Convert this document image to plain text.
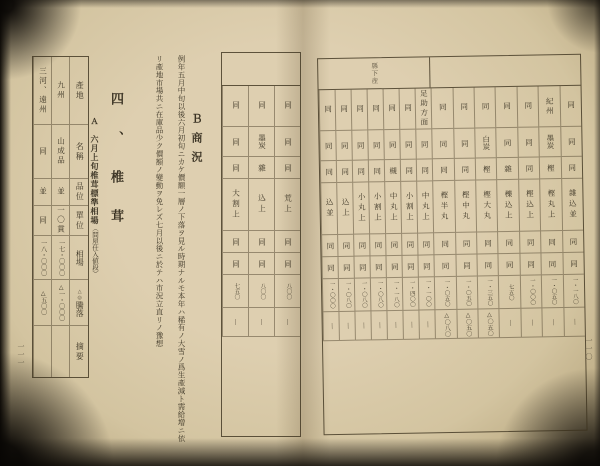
縣下産
同
同
同
雜込並
同
同
一・一八〇
―
紀州
墨炭
樫
樫丸上
同
同
一・〇五〇
―
同
同
同
樫込上
同
同
一・〇〇〇
―
同
同
雜
櫟込上
同
同
七五〇
―
同
白炭
樫
樫大丸
同
同
一・三五〇
△〇五〇
同
同
同
樫中丸
同
同
一・〇五〇
△〇五〇
同
同
同
樫半丸
同
同
一・〇五〇
△〇八〇
足助方面
同
同
中丸上
同
同
一・一〇〇
―
同
同
同
小割上
同
同
一・四〇〇
―
同
同
槻
中丸上
同
同
一・一八〇
―
同
同
同
小割上
同
同
一・〇八〇
―
同
同
同
小丸上
同
同
一・〇八〇
―
同
同
同
込上
同
同
一・〇八〇
―
同
同
同
込並
同
同
一・〇〇〇
―
一一〇
同
同
同
荒上
同
同
八〇〇
―
同
墨炭
雜
込上
同
同
八〇〇
―
同
同
同
大割上
同
同
七五〇
―
Ｂ商況
例年五月中旬以後六月初旬ニカケ價額一層ノ下落ヲ見ル時期ナルモ本年ハ稀有ノ大雪ノ爲生產減ト需給增ニ依
リ產地市場共ニ在庫品少ク價額ノ變動ヲ免レズ七月以後ニ於テハ市況立直リノ豫想
四、椎茸
Ａ　六月上旬椎茸標準相場（問屋仕入値段）
產地
名稱
品位
單位
相場
△◎
騰落
摘要
九州
山成品
並
一〇貫
一七・〇〇〇
△一・〇〇〇
三河、遠州
同
並
同
一八・〇〇〇
△五〇〇
一一一
